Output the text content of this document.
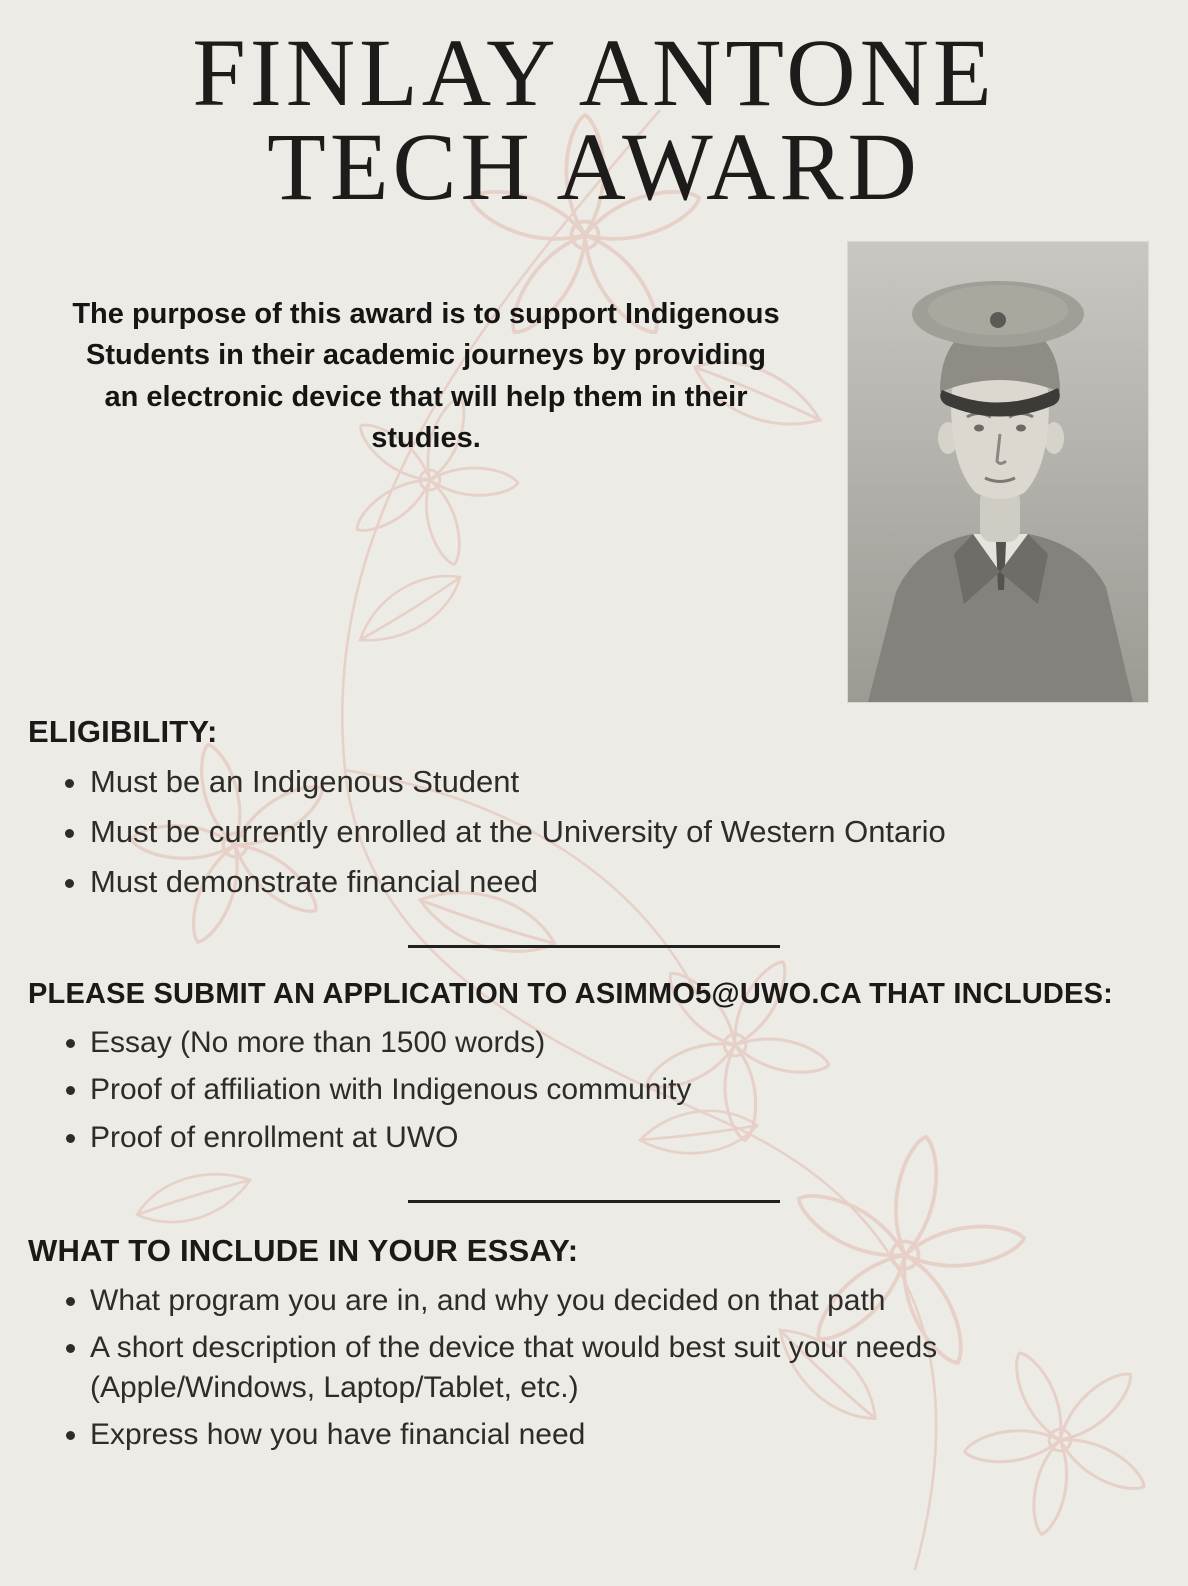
FINLAY ANTONE
TECH AWARD

The purpose of this award is to support Indigenous Students in their academic journeys by providing an electronic device that will help them in their studies.

ELIGIBILITY:
• Must be an Indigenous Student
• Must be currently enrolled at the University of Western Ontario
• Must demonstrate financial need
PLEASE SUBMIT AN APPLICATION TO ASIMMO5@UWO.CA THAT INCLUDES:
• Essay (No more than 1500 words)
• Proof of affiliation with Indigenous community
• Proof of enrollment at UWO
WHAT TO INCLUDE IN YOUR ESSAY:
• What program you are in, and why you decided on that path
• A short description of the device that would best suit your needs (Apple/Windows, Laptop/Tablet, etc.)
• Express how you have financial need
